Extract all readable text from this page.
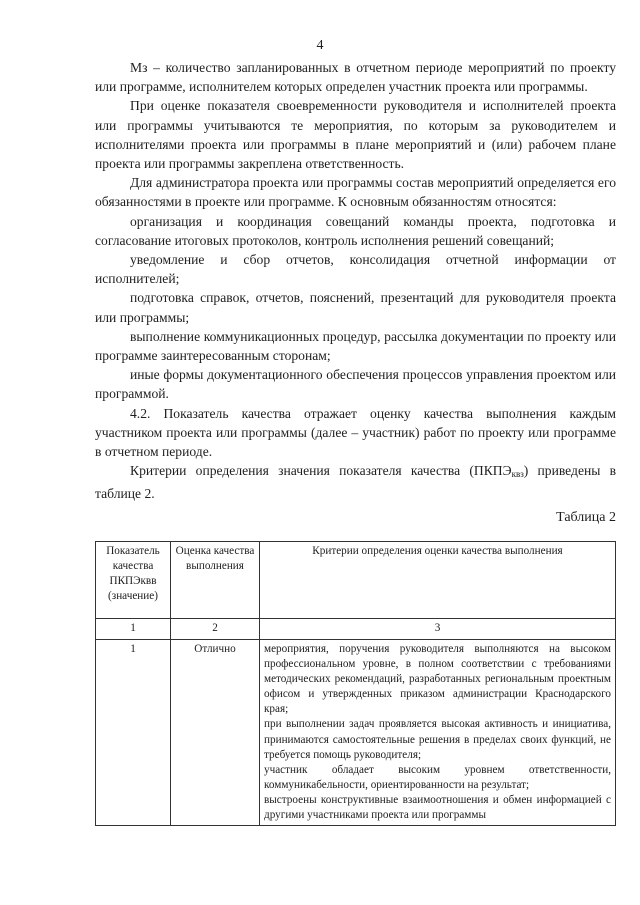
4

Mз – количество запланированных в отчетном периоде мероприятий по проекту или программе, исполнителем которых определен участник проекта или программы.

При оценке показателя своевременности руководителя и исполнителей проекта или программы учитываются те мероприятия, по которым за руководителем и исполнителями проекта или программы в плане мероприятий и (или) рабочем плане проекта или программы закреплена ответственность.

Для администратора проекта или программы состав мероприятий определяется его обязанностями в проекте или программе. К основным обязанностям относятся:

организация и координация совещаний команды проекта, подготовка и согласование итоговых протоколов, контроль исполнения решений совещаний;

уведомление и сбор отчетов, консолидация отчетной информации от исполнителей;

подготовка справок, отчетов, пояснений, презентаций для руководителя проекта или программы;

выполнение коммуникационных процедур, рассылка документации по проекту или программе заинтересованным сторонам;

иные формы документационного обеспечения процессов управления проектом или программой.

4.2. Показатель качества отражает оценку качества выполнения каждым участником проекта или программы (далее – участник) работ по проекту или программе в отчетном периоде.

Критерии определения значения показателя качества $(ПКПЭ_{квз})$ приведены в таблице 2.

Таблица 2
Показатель качества ПКПЭквв (значение)	Оценка качества выполнения	Критерии определения оценки качества выполнения
1	2	3
1	Отлично	мероприятия, поручения руководителя выполняются на высоком профессиональном уровне, в полном соответствии с требованиями методических рекомендаций, разработанных региональным проектным офисом и утвержденных приказом администрации Краснодарского края;
при выполнении задач проявляется высокая активность и инициатива, принимаются самостоятельные решения в пределах своих функций, не требуется помощь руководителя;
участник обладает высоким уровнем ответственности, коммуникабельности, ориентированности на результат;
выстроены конструктивные взаимоотношения и обмен информацией с другими участниками проекта или программы
